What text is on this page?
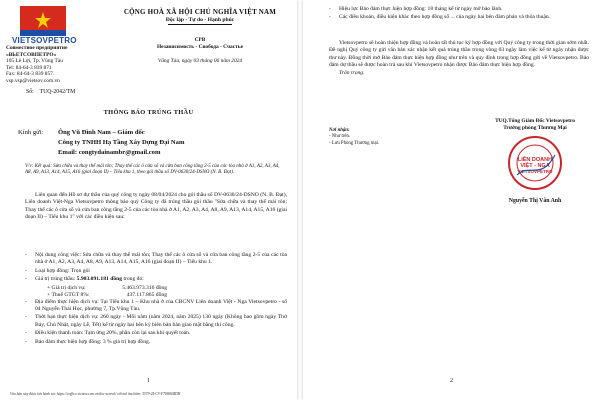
VIETSOVPETRO
Совместное предприятие
«ВЬЕТСОВПЕТРО»
105 Lê Lợi, Tp. Vũng Tàu
Tel: 84-64-3 839 871
Fax: 84-64-3 839 857.
vsp.vsp@vietsov.com.vn
CỘNG HOÀ XÃ HỘI CHỦ NGHĨA VIỆT NAM
Độc lập - Tự do - Hạnh phúc
СРВ
Независимость - Свобода - Счастье
Vũng Tàu, ngày 03 tháng 06 năm 2024
Số: TUQ-2042/TM
THÔNG BÁO TRÚNG THẦU
Kính gửi:	Ông Vũ Đình Nam – Giám đốc
Công ty TNHH Hạ Tầng Xây Dựng Đại Nam
Email: congtydainambr@gmail.com
V/v: Kết quả: Sửa chữa và thay thế mái tôn; Thay thế các ô cửa sổ và cửa ban công tầng 2-5 của các tòa nhà ở A1, A2, A3, A4, A8, A9, A13, A14, A15, A16 (giai đoạn II) – Tiểu khu 1, theo gói thầu số DV-0630/24-DSNO (N. B. Đạt).

Liên quan đến Hồ sơ dự thầu của quý công ty ngày 08/04/2024 cho gói thầu số DV-0630/24-DSNO (N. B. Đạt), Liên doanh Việt-Nga Vietsovpetro thông báo quý Công ty đã trúng thầu gói thầu "Sửa chữa và thay thế mái tôn; Thay thế các ô cửa sổ và cửa ban công tầng 2-5 của các tòa nhà ở A1, A2, A3, A4, A8, A9, A13, A14, A15, A16 (giai đoạn II) – Tiểu khu 1" với các điều kiện sau:

-	Nội dung công việc: Sửa chữa và thay thế mái tôn; Thay thế các ô cửa sổ và cửa ban công tầng 2-5 của các tòa nhà ở A1, A2, A3, A4, A8, A9, A13, A14, A15, A16 (giai đoạn II) – Tiểu khu 1.
-	Loại hợp đồng: Trọn gói
-	Giá trị trúng thầu: 5.903.091.181 đồng trong đó:
+ Giá trị dịch vụ:	5.463.973.316 đồng
+ Thuế GTGT 8%:	437.117.865 đồng
-	Địa điểm thực hiện dịch vụ: Tại Tiểu khu 1 – Khu nhà ở của CBCNV Liên doanh Việt - Nga Vietsovpetro - số 04 Nguyễn Thái Học, phường 7, Tp.Vũng Tàu.
-	Thời hạn thực hiện dịch vụ: 260 ngày - Mỗi năm (năm 2024, năm 2025) 130 ngày (Không bao gồm ngày Thứ Bảy, Chủ Nhật, ngày Lễ, Tết) kể từ ngày hai bên ký biên bản bàn giao mặt bằng thi công.
-	Điều kiện thanh toán: Tạm ứng 20%, phần còn lại sau khi quyết toán.
-	Bảo đảm thực hiện hợp đồng: 3 % giá trị hợp đồng.
1
Văn bản này được lưu hành tại: https://eoffice.vietsov.com.vn/doc-search/ với mã tìm kiếm: 5579-24-CV-F78696MDH
-	Hiệu lực Bảo đảm thực hiện hợp đồng: 18 tháng kể từ ngày mở bảo lãnh.
-	Các điều khoản, điều kiện khác theo hợp đồng số ... của ngày hai bên đàm phán và thỏa thuận.

Vietsovpetro sẽ hoàn thiện hợp đồng và hoàn tất thủ tục ký hợp đồng với Quý công ty trong thời gian sớm nhất. Đề nghị Quý công ty gửi văn bản xác nhận kết quả trúng thầu trong vòng 03 ngày làm việc kể từ ngày nhận được thư này. Đồng thời mở Bảo đảm thực hiện hợp đồng như trên và quy định trong hợp đồng gửi về Vietsovpetro. Bảo đảm dự thầu sẽ được hoàn trả sau khi Vietsovpetro nhận được Bảo đảm thực hiện hợp đồng.

Trân trọng.

Nơi nhận:
- Như trên.
- Lưu Phòng Thương mại.
TUQ.Tổng Giám Đốc Vietsovpetro
Trưởng phòng Thương Mại
LIÊN DOANH
VIỆT - NGA
VIETSOVPETRO
Nguyễn Thị Vân Anh
2
